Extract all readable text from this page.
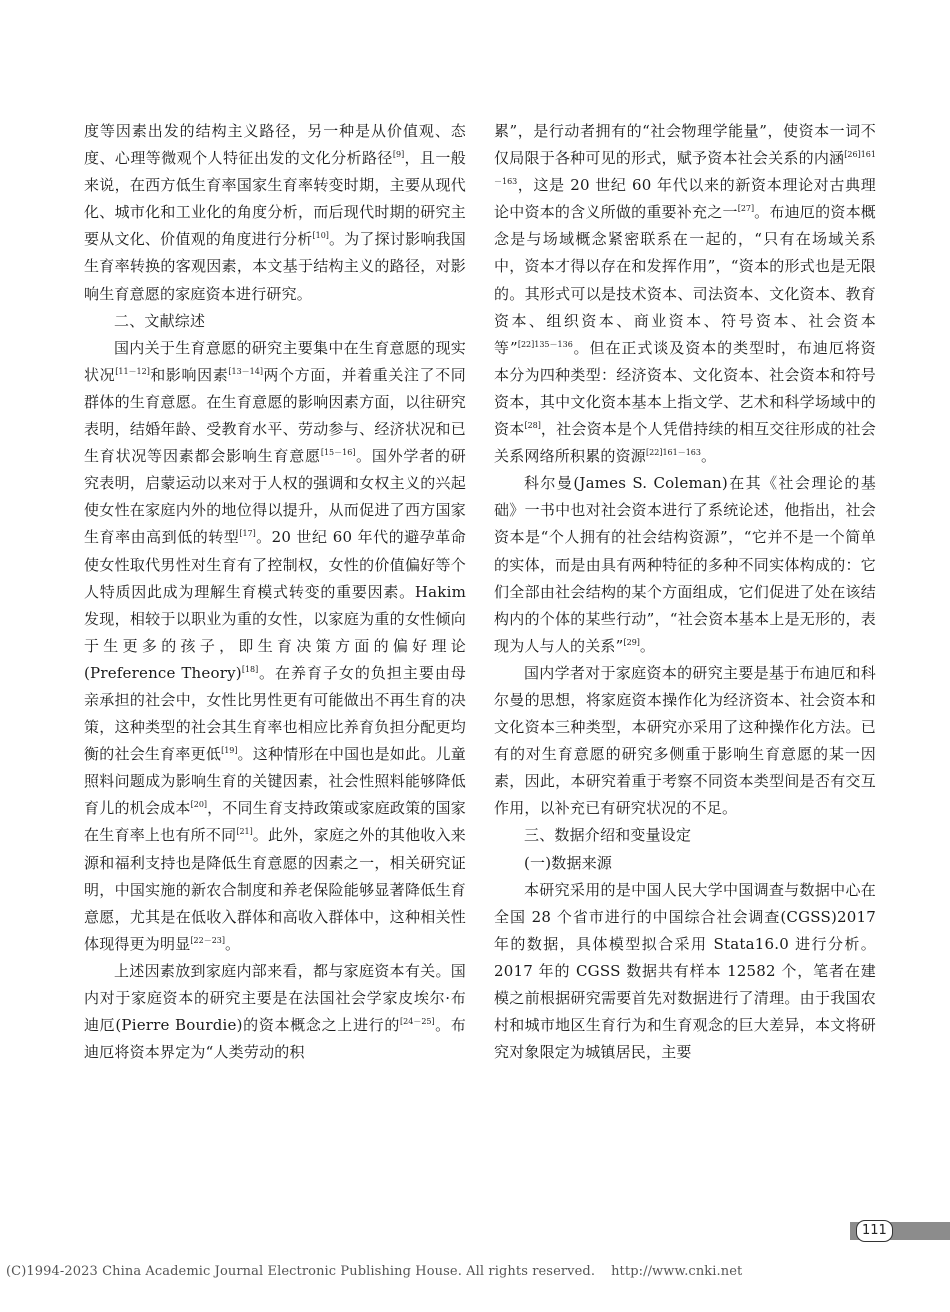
度等因素出发的结构主义路径，另一种是从价值观、态度、心理等微观个人特征出发的文化分析路径[9]，且一般来说，在西方低生育率国家生育率转变时期，主要从现代化、城市化和工业化的角度分析，而后现代时期的研究主要从文化、价值观的角度进行分析[10]。为了探讨影响我国生育率转换的客观因素，本文基于结构主义的路径，对影响生育意愿的家庭资本进行研究。

二、文献综述

国内关于生育意愿的研究主要集中在生育意愿的现实状况[11－12]和影响因素[13－14]两个方面，并着重关注了不同群体的生育意愿。在生育意愿的影响因素方面，以往研究表明，结婚年龄、受教育水平、劳动参与、经济状况和已生育状况等因素都会影响生育意愿[15－16]。国外学者的研究表明，启蒙运动以来对于人权的强调和女权主义的兴起使女性在家庭内外的地位得以提升，从而促进了西方国家生育率由高到低的转型[17]。20 世纪 60 年代的避孕革命使女性取代男性对生育有了控制权，女性的价值偏好等个人特质因此成为理解生育模式转变的重要因素。Hakim 发现，相较于以职业为重的女性，以家庭为重的女性倾向于生更多的孩子，即生育决策方面的偏好理论(Preference Theory)[18]。在养育子女的负担主要由母亲承担的社会中，女性比男性更有可能做出不再生育的决策，这种类型的社会其生育率也相应比养育负担分配更均衡的社会生育率更低[19]。这种情形在中国也是如此。儿童照料问题成为影响生育的关键因素，社会性照料能够降低育儿的机会成本[20]，不同生育支持政策或家庭政策的国家在生育率上也有所不同[21]。此外，家庭之外的其他收入来源和福利支持也是降低生育意愿的因素之一，相关研究证明，中国实施的新农合制度和养老保险能够显著降低生育意愿，尤其是在低收入群体和高收入群体中，这种相关性体现得更为明显[22－23]。

上述因素放到家庭内部来看，都与家庭资本有关。国内对于家庭资本的研究主要是在法国社会学家皮埃尔·布迪厄(Pierre Bourdie)的资本概念之上进行的[24－25]。布迪厄将资本界定为“人类劳动的积

累”，是行动者拥有的“社会物理学能量”，使资本一词不仅局限于各种可见的形式，赋予资本社会关系的内涵$^{[26]161-163}$，这是 20 世纪 60 年代以来的新资本理论对古典理论中资本的含义所做的重要补充之一[27]。布迪厄的资本概念是与场域概念紧密联系在一起的，“只有在场域关系中，资本才得以存在和发挥作用”，“资本的形式也是无限的。其形式可以是技术资本、司法资本、文化资本、教育资本、组织资本、商业资本、符号资本、社会资本等”$^{[22]135-136}$。但在正式谈及资本的类型时，布迪厄将资本分为四种类型：经济资本、文化资本、社会资本和符号资本，其中文化资本基本上指文学、艺术和科学场域中的资本[28]，社会资本是个人凭借持续的相互交往形成的社会关系网络所积累的资源$^{[22]161-163}$。

科尔曼(James S. Coleman)在其《社会理论的基础》一书中也对社会资本进行了系统论述，他指出，社会资本是“个人拥有的社会结构资源”，“它并不是一个简单的实体，而是由具有两种特征的多种不同实体构成的：它们全部由社会结构的某个方面组成，它们促进了处在该结构内的个体的某些行动”，“社会资本基本上是无形的，表现为人与人的关系”[29]。

国内学者对于家庭资本的研究主要是基于布迪厄和科尔曼的思想，将家庭资本操作化为经济资本、社会资本和文化资本三种类型，本研究亦采用了这种操作化方法。已有的对生育意愿的研究多侧重于影响生育意愿的某一因素，因此，本研究着重于考察不同资本类型间是否有交互作用，以补充已有研究状况的不足。

三、数据介绍和变量设定
(一)数据来源

本研究采用的是中国人民大学中国调查与数据中心在全国 28 个省市进行的中国综合社会调查(CGSS)2017 年的数据，具体模型拟合采用 Stata16.0 进行分析。2017 年的 CGSS 数据共有样本 12582 个，笔者在建模之前根据研究需要首先对数据进行了清理。由于我国农村和城市地区生育行为和生育观念的巨大差异，本文将研究对象限定为城镇居民，主要

111
(C)1994-2023 China Academic Journal Electronic Publishing House. All rights reserved. http://www.cnki.net
